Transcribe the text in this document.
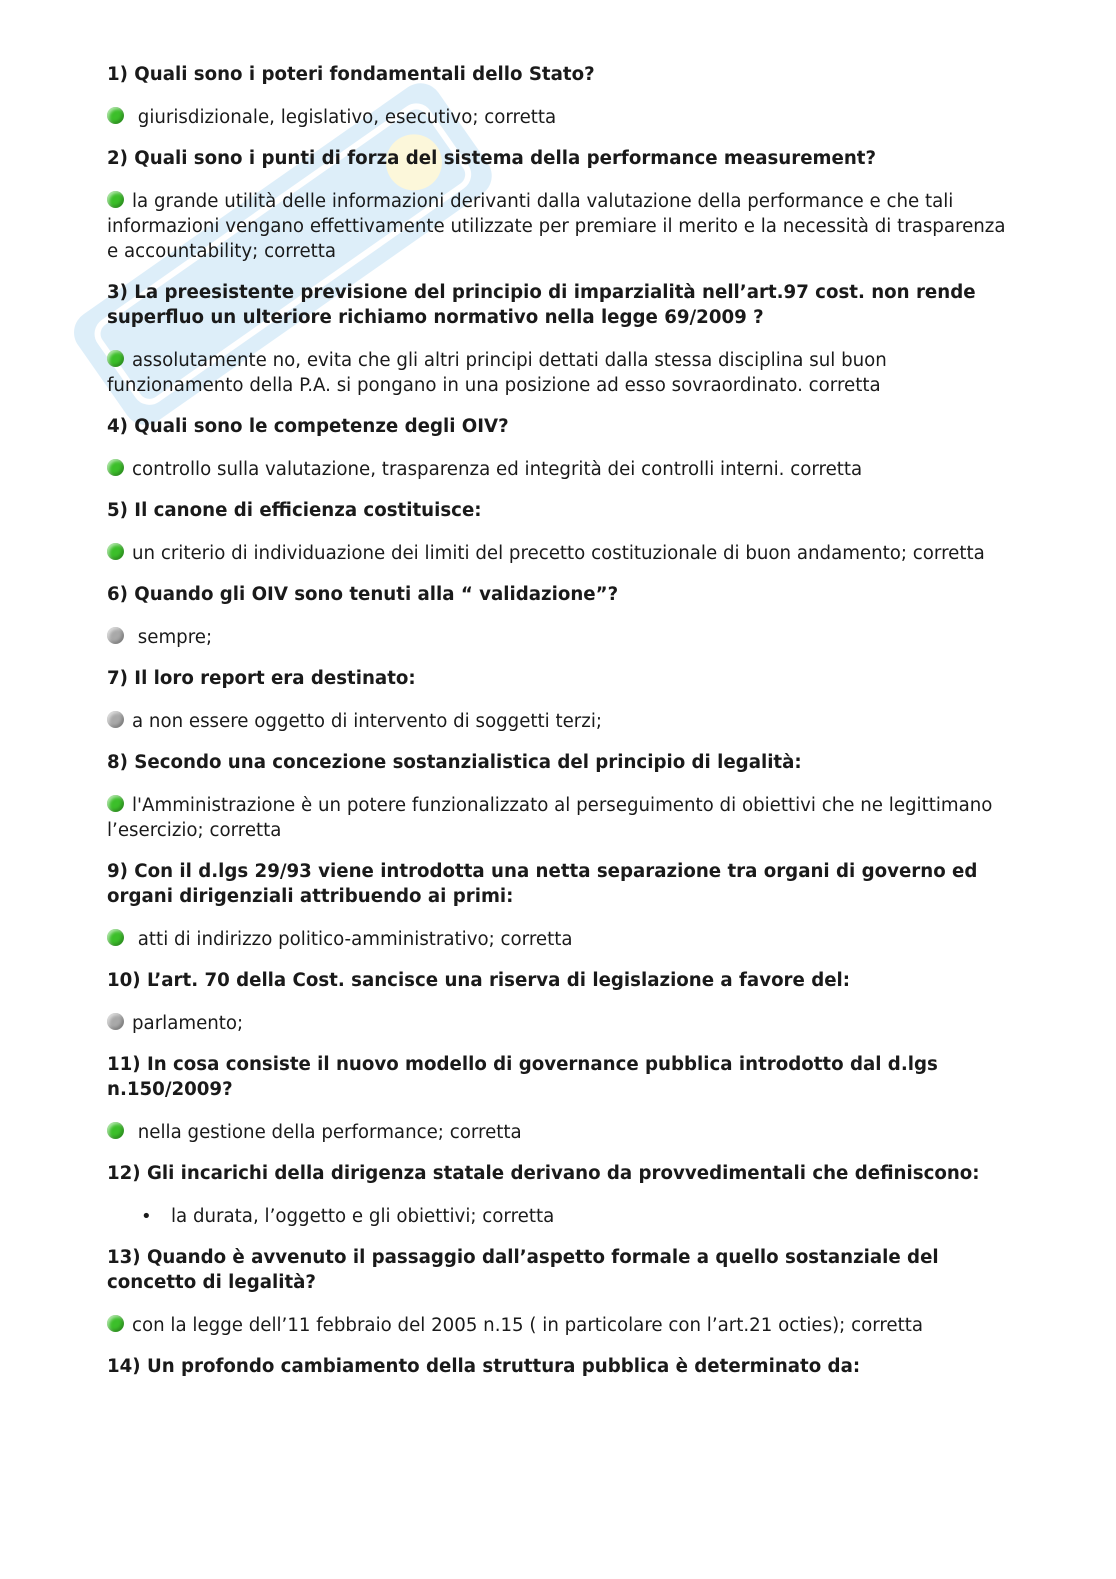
1) Quali sono i poteri fondamentali dello Stato?
giurisdizionale, legislativo, esecutivo; corretta
2) Quali sono i punti di forza del sistema della performance measurement?
la grande utilità delle informazioni derivanti dalla valutazione della performance e che tali informazioni vengano effettivamente utilizzate per premiare il merito e la necessità di trasparenza e accountability; corretta
3) La preesistente previsione del principio di imparzialità nell’art.97 cost. non rende superfluo un ulteriore richiamo normativo nella legge 69/2009 ?
assolutamente no, evita che gli altri principi dettati dalla stessa disciplina sul buon funzionamento della P.A. si pongano in una posizione ad esso sovraordinato. corretta
4) Quali sono le competenze degli OIV?
controllo sulla valutazione, trasparenza ed integrità dei controlli interni. corretta
5) Il canone di efficienza costituisce:
un criterio di individuazione dei limiti del precetto costituzionale di buon andamento; corretta
6) Quando gli OIV sono tenuti alla “ validazione”?
sempre;
7) Il loro report era destinato:
a non essere oggetto di intervento di soggetti terzi;
8) Secondo una concezione sostanzialistica del principio di legalità:
l'Amministrazione è un potere funzionalizzato al perseguimento di obiettivi che ne legittimano l’esercizio; corretta
9) Con il d.lgs 29/93 viene introdotta una netta separazione tra organi di governo ed organi dirigenziali attribuendo ai primi:
atti di indirizzo politico-amministrativo; corretta
10) L’art. 70 della Cost. sancisce una riserva di legislazione a favore del:
parlamento;
11) In cosa consiste il nuovo modello di governance pubblica introdotto dal d.lgs n.150/2009?
nella gestione della performance; corretta
12) Gli incarichi della dirigenza statale derivano da provvedimentali che definiscono:
• la durata, l’oggetto e gli obiettivi; corretta
13) Quando è avvenuto il passaggio dall’aspetto formale a quello sostanziale del concetto di legalità?
con la legge dell’11 febbraio del 2005 n.15 ( in particolare con l’art.21 octies); corretta
14) Un profondo cambiamento della struttura pubblica è determinato da:
